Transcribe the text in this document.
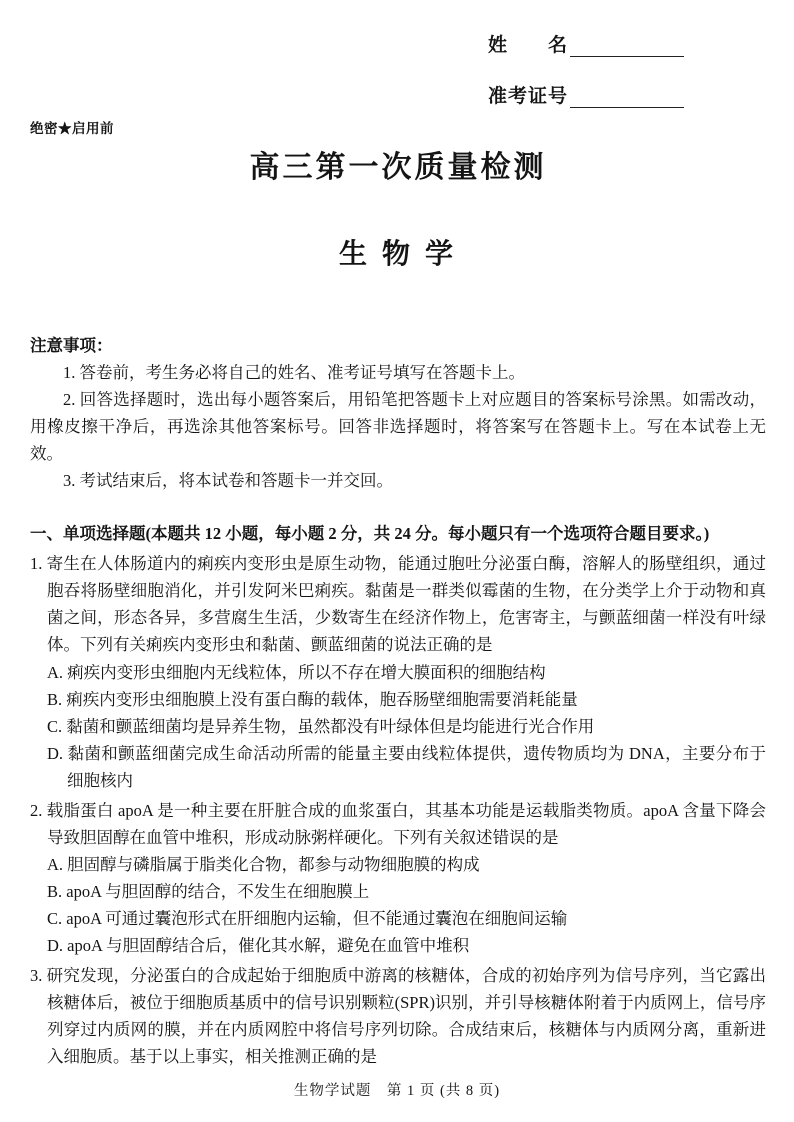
姓　　名
准考证号
绝密★启用前
高三第一次质量检测
生 物 学

注意事项：

1. 答卷前，考生务必将自己的姓名、准考证号填写在答题卡上。

2. 回答选择题时，选出每小题答案后，用铅笔把答题卡上对应题目的答案标号涂黑。如需改动，用橡皮擦干净后，再选涂其他答案标号。回答非选择题时，将答案写在答题卡上。写在本试卷上无效。

3. 考试结束后，将本试卷和答题卡一并交回。

一、单项选择题(本题共 12 小题，每小题 2 分，共 24 分。每小题只有一个选项符合题目要求。)

1. 寄生在人体肠道内的痢疾内变形虫是原生动物，能通过胞吐分泌蛋白酶，溶解人的肠壁组织，通过胞吞将肠壁细胞消化，并引发阿米巴痢疾。黏菌是一群类似霉菌的生物，在分类学上介于动物和真菌之间，形态各异，多营腐生生活，少数寄生在经济作物上，危害寄主，与颤蓝细菌一样没有叶绿体。下列有关痢疾内变形虫和黏菌、颤蓝细菌的说法正确的是

A. 痢疾内变形虫细胞内无线粒体，所以不存在增大膜面积的细胞结构

B. 痢疾内变形虫细胞膜上没有蛋白酶的载体，胞吞肠壁细胞需要消耗能量

C. 黏菌和颤蓝细菌均是异养生物，虽然都没有叶绿体但是均能进行光合作用

D. 黏菌和颤蓝细菌完成生命活动所需的能量主要由线粒体提供，遗传物质均为 DNA，主要分布于细胞核内

2. 载脂蛋白 apoA 是一种主要在肝脏合成的血浆蛋白，其基本功能是运载脂类物质。apoA 含量下降会导致胆固醇在血管中堆积，形成动脉粥样硬化。下列有关叙述错误的是

A. 胆固醇与磷脂属于脂类化合物，都参与动物细胞膜的构成

B. apoA 与胆固醇的结合，不发生在细胞膜上

C. apoA 可通过囊泡形式在肝细胞内运输，但不能通过囊泡在细胞间运输

D. apoA 与胆固醇结合后，催化其水解，避免在血管中堆积

3. 研究发现，分泌蛋白的合成起始于细胞质中游离的核糖体，合成的初始序列为信号序列，当它露出核糖体后，被位于细胞质基质中的信号识别颗粒(SPR)识别，并引导核糖体附着于内质网上，信号序列穿过内质网的膜，并在内质网腔中将信号序列切除。合成结束后，核糖体与内质网分离，重新进入细胞质。基于以上事实，相关推测正确的是

生物学试题　第 1 页 (共 8 页)
